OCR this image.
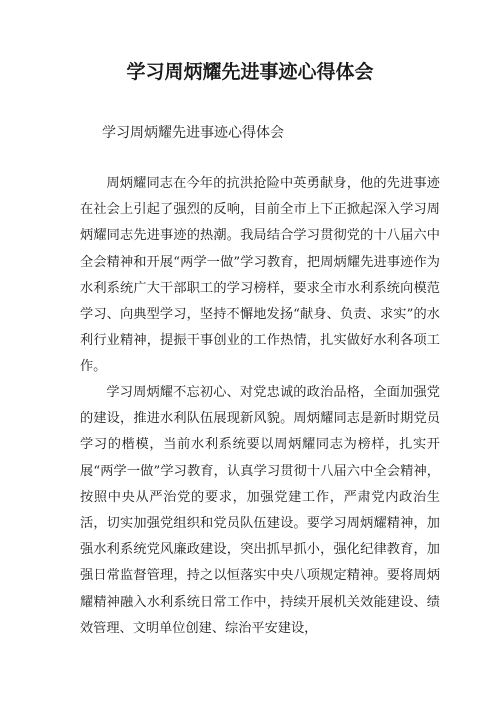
学习周炳耀先进事迹心得体会
学习周炳耀先进事迹心得体会

周炳耀同志在今年的抗洪抢险中英勇献身，他的先进事迹在社会上引起了强烈的反响，目前全市上下正掀起深入学习周炳耀同志先进事迹的热潮。我局结合学习贯彻党的十八届六中全会精神和开展“两学一做”学习教育，把周炳耀先进事迹作为水利系统广大干部职工的学习榜样，要求全市水利系统向模范学习、向典型学习，坚持不懈地发扬“献身、负责、求实”的水利行业精神，提振干事创业的工作热情，扎实做好水利各项工作。

学习周炳耀不忘初心、对党忠诚的政治品格，全面加强党的建设，推进水利队伍展现新风貌。周炳耀同志是新时期党员学习的楷模，当前水利系统要以周炳耀同志为榜样，扎实开展“两学一做”学习教育，认真学习贯彻十八届六中全会精神，按照中央从严治党的要求，加强党建工作，严肃党内政治生活，切实加强党组织和党员队伍建设。要学习周炳耀精神，加强水利系统党风廉政建设，突出抓早抓小，强化纪律教育，加强日常监督管理，持之以恒落实中央八项规定精神。要将周炳耀精神融入水利系统日常工作中，持续开展机关效能建设、绩效管理、文明单位创建、综治平安建设，
